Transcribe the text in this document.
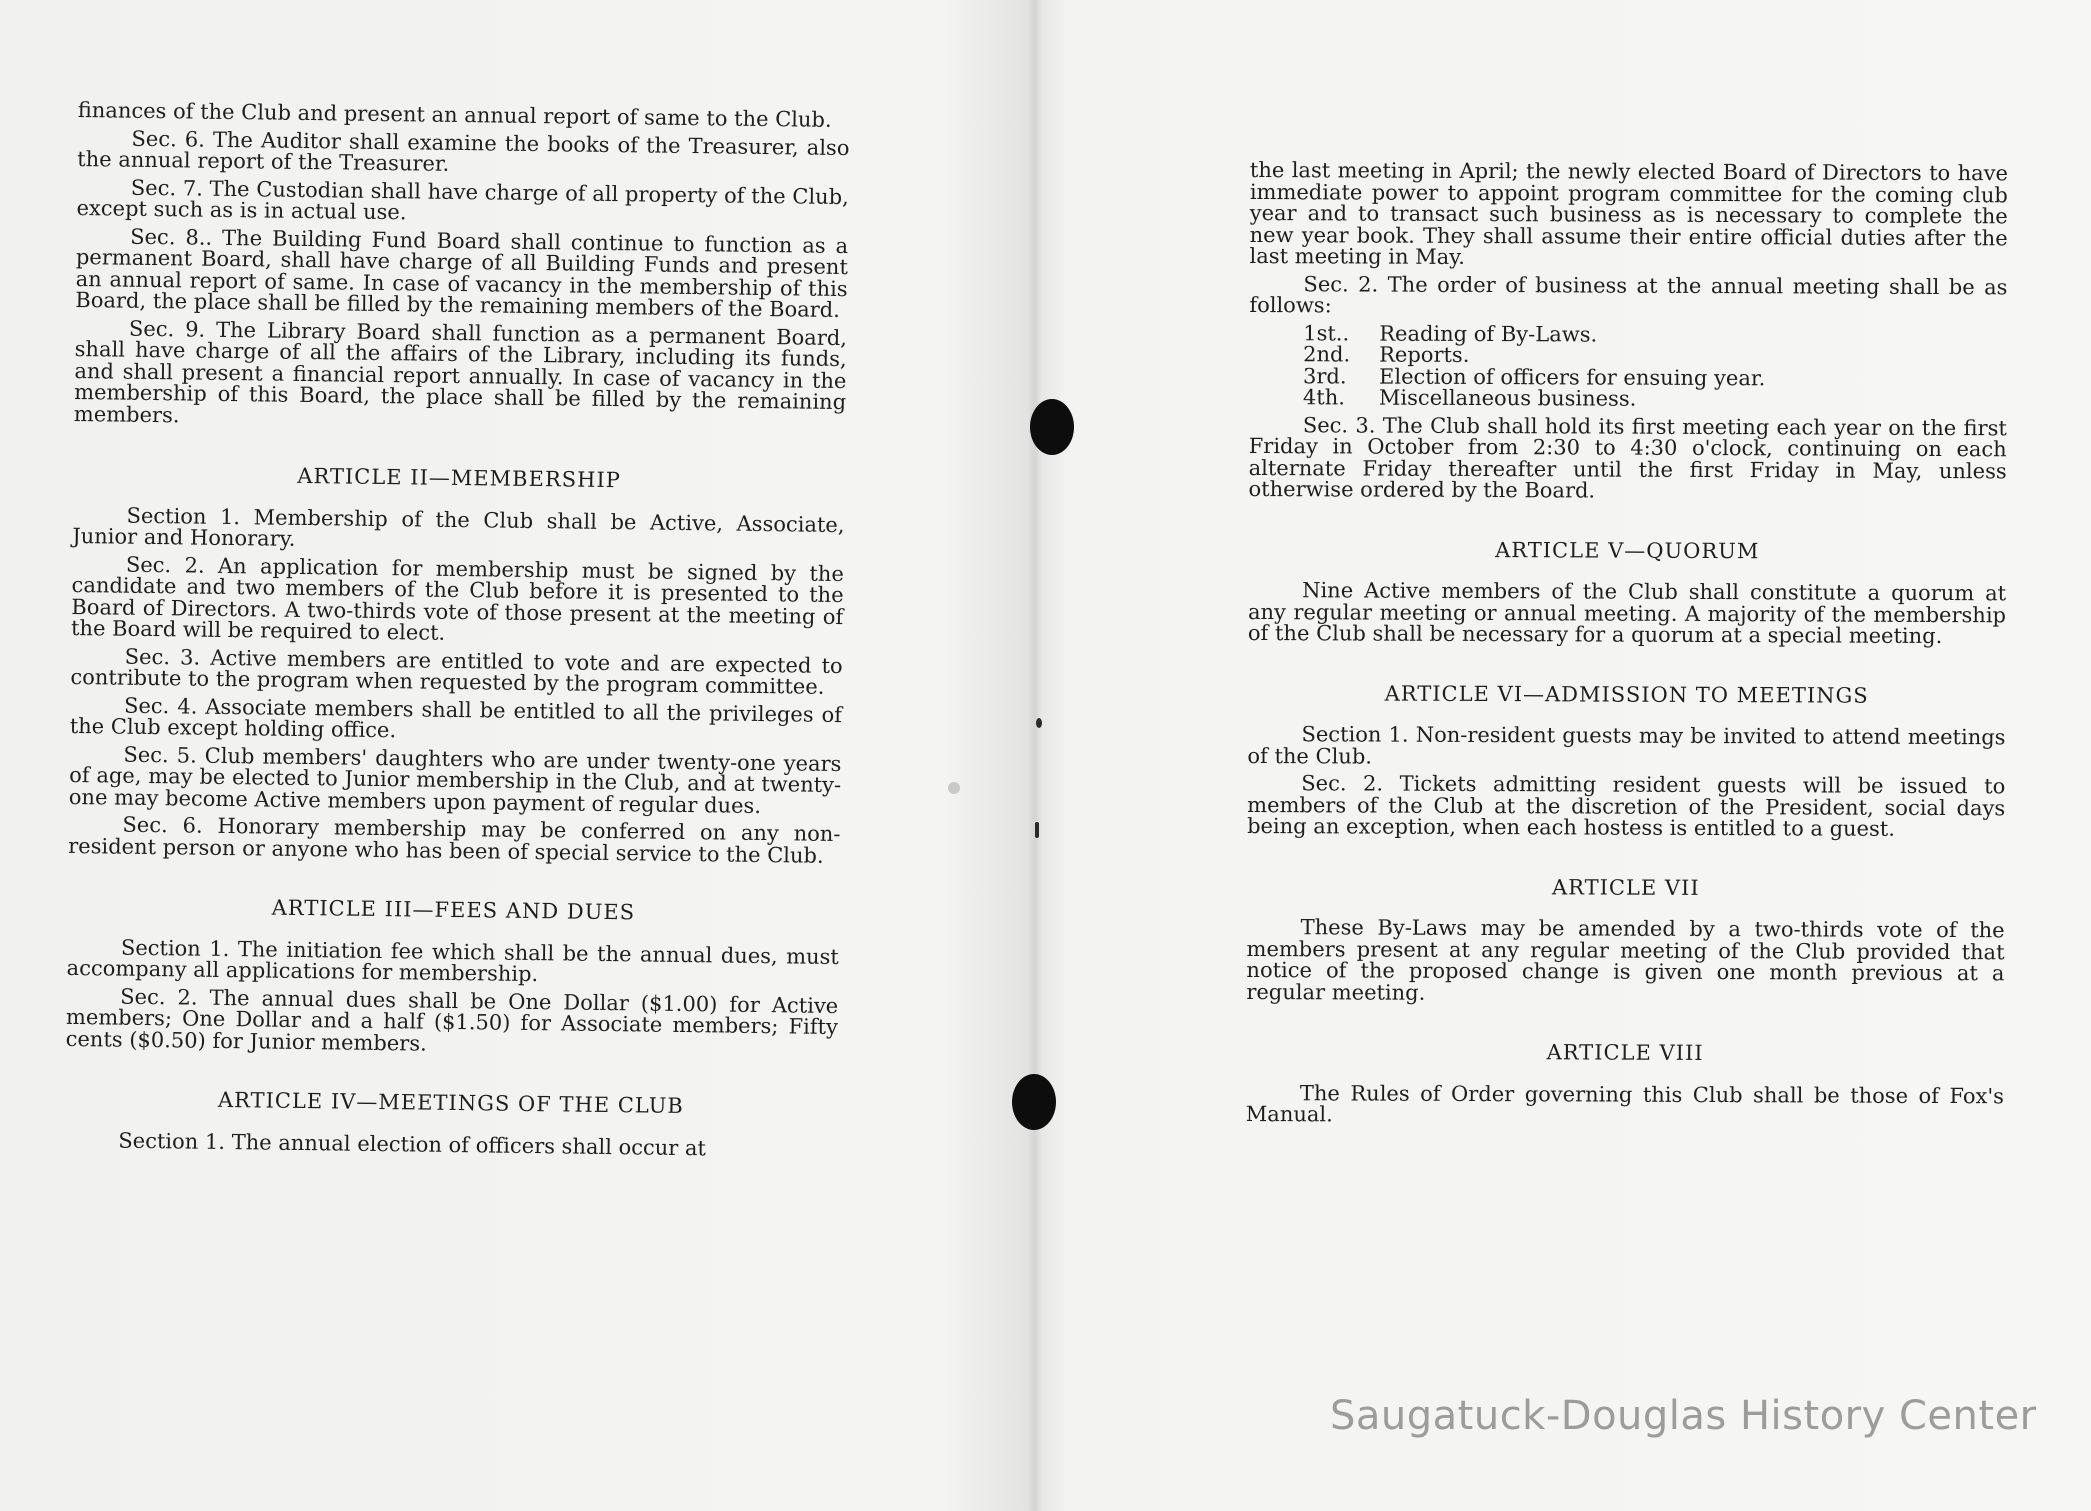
finances of the Club and present an annual report of same to the Club.

Sec. 6. The Auditor shall examine the books of the Treasurer, also the annual report of the Treasurer.

Sec. 7. The Custodian shall have charge of all property of the Club, except such as is in actual use.

Sec. 8.. The Building Fund Board shall continue to function as a permanent Board, shall have charge of all Building Funds and present an annual report of same. In case of vacancy in the membership of this Board, the place shall be filled by the remaining members of the Board.

Sec. 9. The Library Board shall function as a permanent Board, shall have charge of all the affairs of the Library, including its funds, and shall present a financial report annually. In case of vacancy in the membership of this Board, the place shall be filled by the remaining members.

ARTICLE II—MEMBERSHIP

Section 1. Membership of the Club shall be Active, Associate, Junior and Honorary.

Sec. 2. An application for membership must be signed by the candidate and two members of the Club before it is presented to the Board of Directors. A two-thirds vote of those present at the meeting of the Board will be required to elect.

Sec. 3. Active members are entitled to vote and are expected to contribute to the program when requested by the program committee.

Sec. 4. Associate members shall be entitled to all the privileges of the Club except holding office.

Sec. 5. Club members' daughters who are under twenty-one years of age, may be elected to Junior membership in the Club, and at twenty-one may become Active members upon payment of regular dues.

Sec. 6. Honorary membership may be conferred on any non-resident person or anyone who has been of special service to the Club.

ARTICLE III—FEES AND DUES

Section 1. The initiation fee which shall be the annual dues, must accompany all applications for membership.

Sec. 2. The annual dues shall be One Dollar ($1.00) for Active members; One Dollar and a half ($1.50) for Associate members; Fifty cents ($0.50) for Junior members.

ARTICLE IV—MEETINGS OF THE CLUB

Section 1. The annual election of officers shall occur at

the last meeting in April; the newly elected Board of Directors to have immediate power to appoint program committee for the coming club year and to transact such business as is necessary to complete the new year book. They shall assume their entire official duties after the last meeting in May.

Sec. 2. The order of business at the annual meeting shall be as follows:

1st..	Reading of By-Laws.
2nd.	Reports.
3rd.	Election of officers for ensuing year.
4th.	Miscellaneous business.

Sec. 3. The Club shall hold its first meeting each year on the first Friday in October from 2:30 to 4:30 o'clock, continuing on each alternate Friday thereafter until the first Friday in May, unless otherwise ordered by the Board.

ARTICLE V—QUORUM

Nine Active members of the Club shall constitute a quorum at any regular meeting or annual meeting. A majority of the membership of the Club shall be necessary for a quorum at a special meeting.

ARTICLE VI—ADMISSION TO MEETINGS

Section 1. Non-resident guests may be invited to attend meetings of the Club.

Sec. 2. Tickets admitting resident guests will be issued to members of the Club at the discretion of the President, social days being an exception, when each hostess is entitled to a guest.

ARTICLE VII

These By-Laws may be amended by a two-thirds vote of the members present at any regular meeting of the Club provided that notice of the proposed change is given one month previous at a regular meeting.

ARTICLE VIII

The Rules of Order governing this Club shall be those of Fox's Manual.

Saugatuck-Douglas History Center
